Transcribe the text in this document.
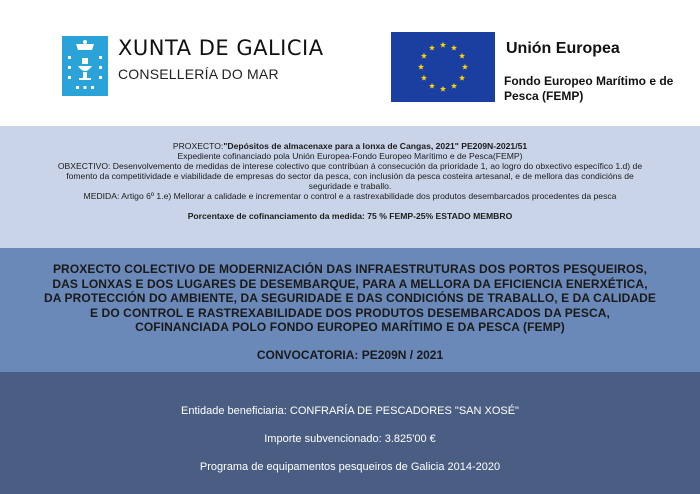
XUNTA DE GALICIA
CONSELLERÍA DO MAR
Unión Europea
Fondo Europeo Marítimo e de Pesca (FEMP)
PROXECTO:"Depósitos de almacenaxe para a lonxa de Cangas, 2021" PE209N-2021/51
Expediente cofinanciado pola Unión Europea-Fondo Europeo Marítimo e de Pesca(FEMP)
OBXECTIVO: Desenvolvemento de medidas de interese colectivo que contribúan á consecución da prioridade 1, ao logro do obxectivo específico 1.d) de fomento da competitividade e viabilidade de empresas do sector da pesca, con inclusión da pesca costeira artesanal, e de mellora das condicións de seguridade e traballo.
MEDIDA: Artigo 6º 1.e) Mellorar a calidade e incrementar o control e a rastrexabilidade dos produtos desembarcados procedentes da pesca
Porcentaxe de cofinanciamento da medida: 75 % FEMP-25% ESTADO MEMBRO
PROXECTO COLECTIVO DE MODERNIZACIÓN DAS INFRAESTRUTURAS DOS PORTOS PESQUEIROS, DAS LONXAS E DOS LUGARES DE DESEMBARQUE, PARA A MELLORA DA EFICIENCIA ENERXÉTICA, DA PROTECCIÓN DO AMBIENTE, DA SEGURIDADE E DAS CONDICIÓNS DE TRABALLO, E DA CALIDADE E DO CONTROL E RASTREXABILIDADE DOS PRODUTOS DESEMBARCADOS DA PESCA, COFINANCIADA POLO FONDO EUROPEO MARÍTIMO E DA PESCA (FEMP)
CONVOCATORIA: PE209N / 2021
Entidade beneficiaria: CONFRARÍA DE PESCADORES "SAN XOSÉ"
Importe subvencionado: 3.825'00 €
Programa de equipamentos pesqueiros de Galicia 2014-2020
